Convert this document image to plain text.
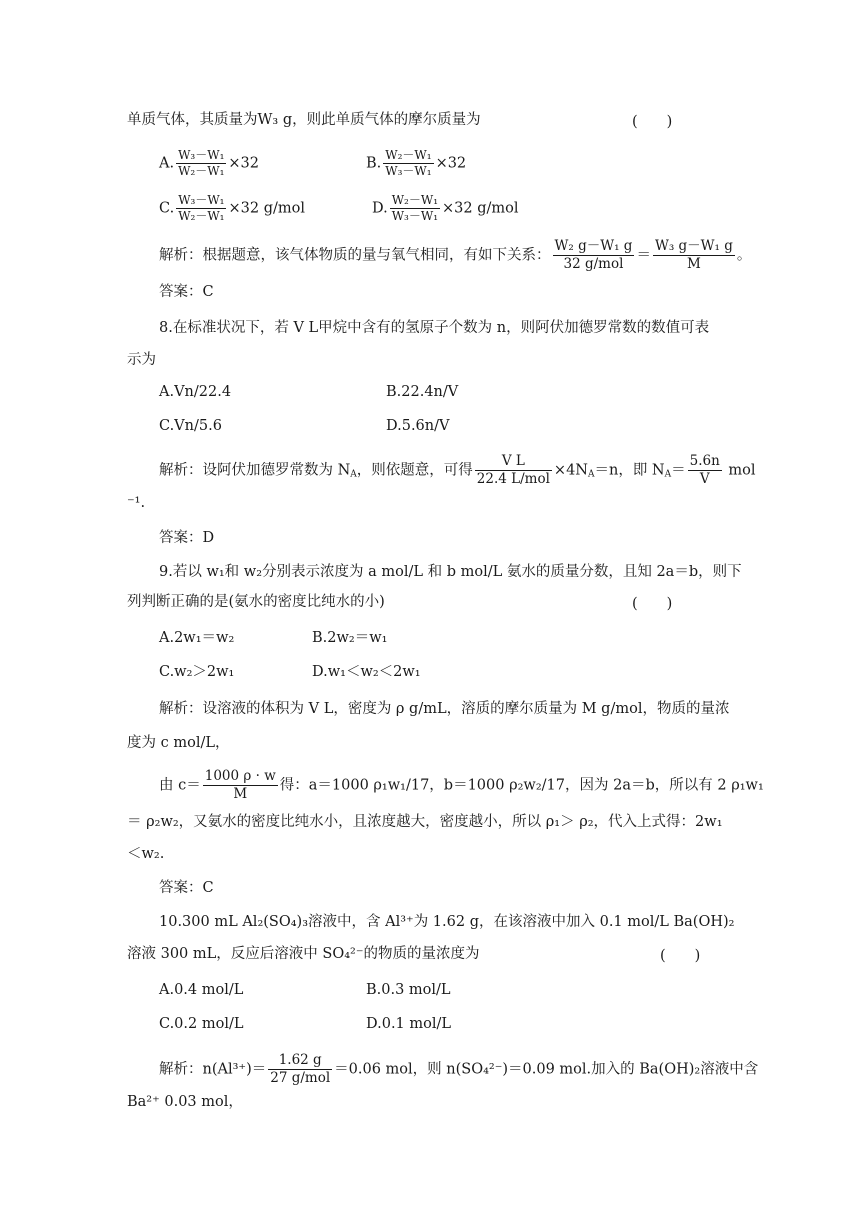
单质气体，其质量为W₃ g，则此单质气体的摩尔质量为	(　　)
A. $\frac{\text{W₃－W₁}}{\text{W₂－W₁}} \times 32$	B. $\frac{\text{W₂－W₁}}{\text{W₃－W₁}} \times 32$
C. $\frac{\text{W₃－W₁}}{\text{W₂－W₁}} \times 32$ g/mol	D. $\frac{\text{W₂－W₁}}{\text{W₃－W₁}} \times 32$ g/mol
解析：根据题意，该气体物质的量与氧气相同，有如下关系： $\frac{\text{W₂ g－W₁ g}}{\text{32 g/mol}} = \frac{\text{W₃ g－W₁ g}}{M}$ 。
答案：C
8.在标准状况下，若 V L甲烷中含有的氢原子个数为 n，则阿伏加德罗常数的数值可表
示为
A.Vn/22.4	B.22.4n/V
C.Vn/5.6	D.5.6n/V
解析：设阿伏加德罗常数为 $N_A$，则依题意，可得 $\frac{\text{V L}}{\text{22.4 L/mol}} \times 4N_A=n$，即 $N_A= \frac{5.6n}{V}$ mol
⁻¹.
答案：D
9.若以 w₁和 w₂分别表示浓度为 a mol/L 和 b mol/L 氨水的质量分数，且知 2a＝b，则下
列判断正确的是(氨水的密度比纯水的小)	(　　)
A.2w₁＝w₂	B.2w₂＝w₁
C.w₂＞2w₁	D.w₁＜w₂＜2w₁
解析：设溶液的体积为 V L，密度为 ρ g/mL，溶质的摩尔质量为 M g/mol，物质的量浓
度为 c mol/L，
由 $c= \frac{1000 \rho \cdot w}{M}$ 得：a＝1000 ρ₁w₁/17，b＝1000 ρ₂w₂/17，因为 2a＝b，所以有 2 ρ₁w₁
＝ ρ₂w₂，又氨水的密度比纯水小，且浓度越大，密度越小，所以 ρ₁＞ ρ₂，代入上式得：2w₁
＜w₂.
答案：C
10.300 mL Al₂(SO₄)₃溶液中，含 Al³⁺为 1.62 g，在该溶液中加入 0.1 mol/L Ba(OH)₂
溶液 300 mL，反应后溶液中 SO₄²⁻的物质的量浓度为	(　　)
A.0.4 mol/L	B.0.3 mol/L
C.0.2 mol/L	D.0.1 mol/L
解析：$n(Al^{3+})= \frac{1.62 g}{\text{27 g/mol}} =0.06$ mol，则 n(SO₄²⁻)＝0.09 mol.加入的 Ba(OH)₂溶液中含
Ba²⁺ 0.03 mol，
